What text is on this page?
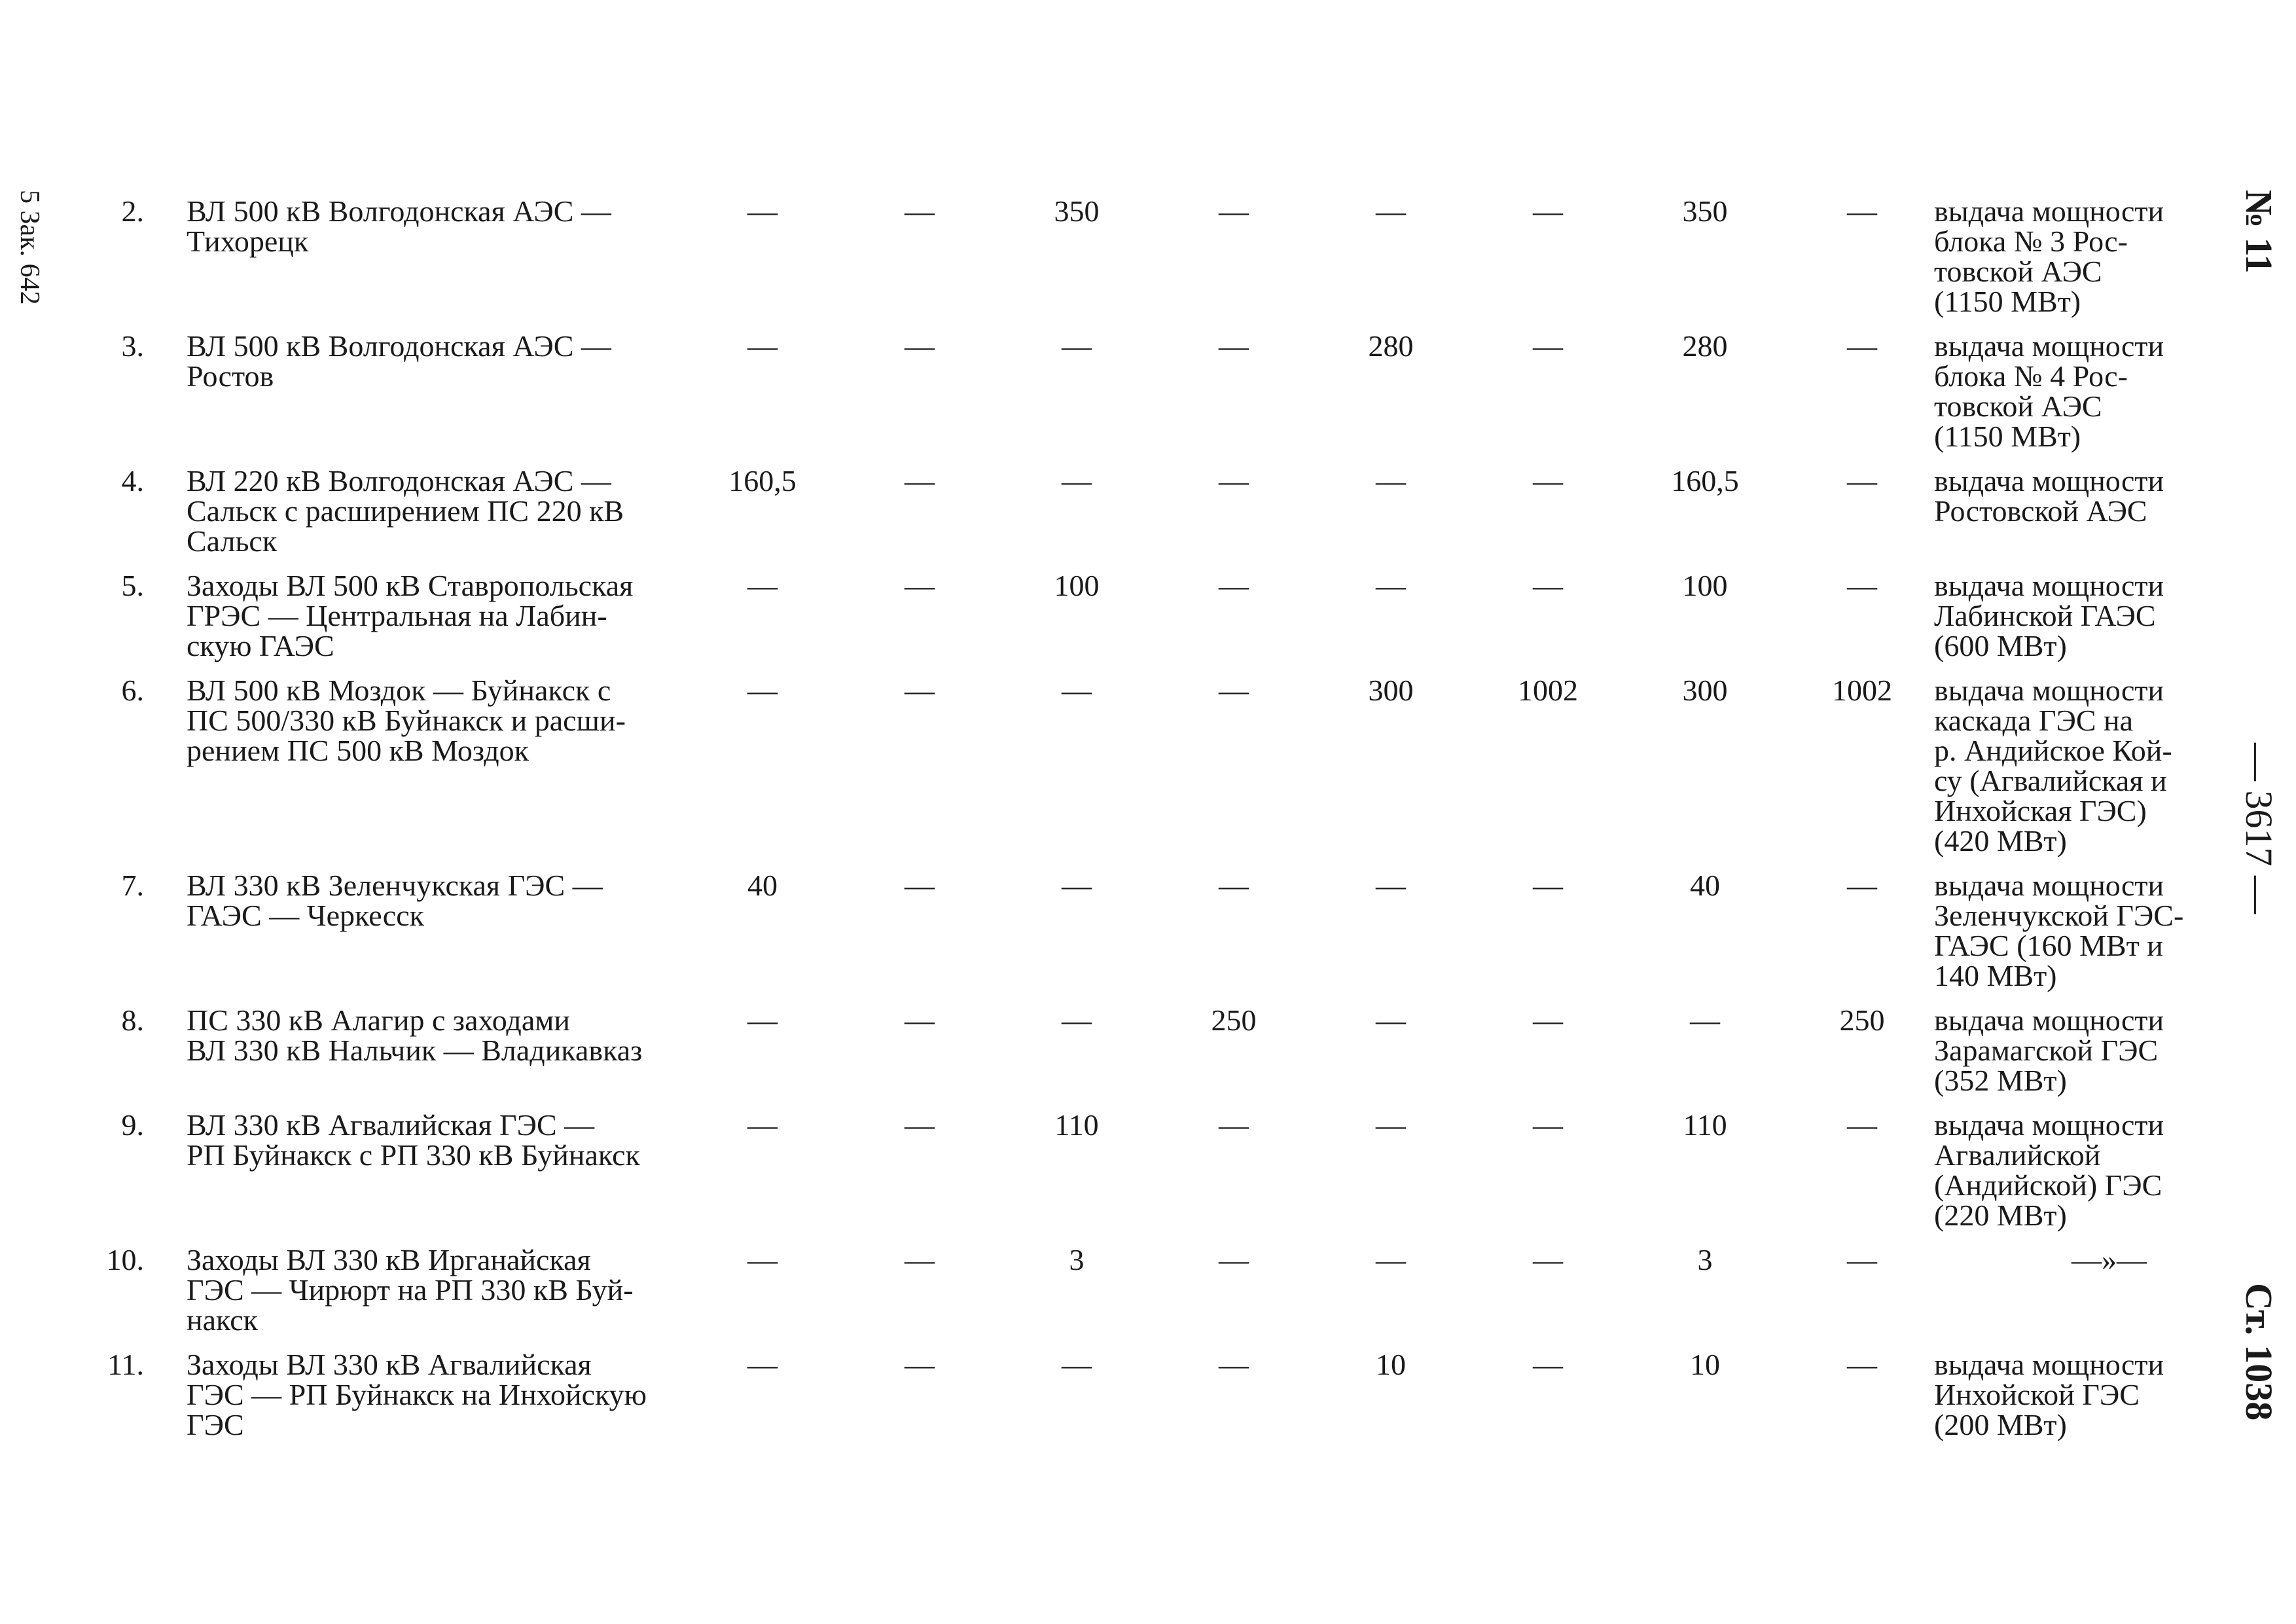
5 Зак. 642	№ 11
— 3617 —
Ст. 1038
2. ВЛ 500 кВ Волгодонская АЭС —
Тихорецк
—	—	350	—	—	—	350	—	выдача мощности
блока № 3 Рос-
товской АЭС
(1150 МВт)
3. ВЛ 500 кВ Волгодонская АЭС —
Ростов
—	—	—	—	280	—	280	—	выдача мощности
блока № 4 Рос-
товской АЭС
(1150 МВт)
4. ВЛ 220 кВ Волгодонская АЭС —
Сальск с расширением ПС 220 кВ
Сальск
160,5	—	—	—	—	—	160,5	—	выдача мощности
Ростовской АЭС
5. Заходы ВЛ 500 кВ Ставропольская
ГРЭС — Центральная на Лабин-
скую ГАЭС
—	—	100	—	—	—	100	—	выдача мощности
Лабинской ГАЭС
(600 МВт)
6. ВЛ 500 кВ Моздок — Буйнакск с
ПС 500/330 кВ Буйнакск и расши-
рением ПС 500 кВ Моздок
—	—	—	—	300	1002	300	1002	выдача мощности
каскада ГЭС на
р. Андийское Кой-
су (Агвалийская и
Инхойская ГЭС)
(420 МВт)
7. ВЛ 330 кВ Зеленчукская ГЭС —
ГАЭС — Черкесск
40	—	—	—	—	—	40	—	выдача мощности
Зеленчукской ГЭС-
ГАЭС (160 МВт и
140 МВт)
8. ПС 330 кВ Алагир с заходами
ВЛ 330 кВ Нальчик — Владикавказ
—	—	—	250	—	—	—	250	выдача мощности
Зарамагской ГЭС
(352 МВт)
9. ВЛ 330 кВ Агвалийская ГЭС —
РП Буйнакск с РП 330 кВ Буйнакск
—	—	110	—	—	—	110	—	выдача мощности
Агвалийской
(Андийской) ГЭС
(220 МВт)
10. Заходы ВЛ 330 кВ Ирганайская
ГЭС — Чирюрт на РП 330 кВ Буй-
накск
—	—	3	—	—	—	3	—	—»—
11. Заходы ВЛ 330 кВ Агвалийская
ГЭС — РП Буйнакск на Инхойскую
ГЭС
—	—	—	—	10	—	10	—	выдача мощности
Инхойской ГЭС
(200 МВт)
